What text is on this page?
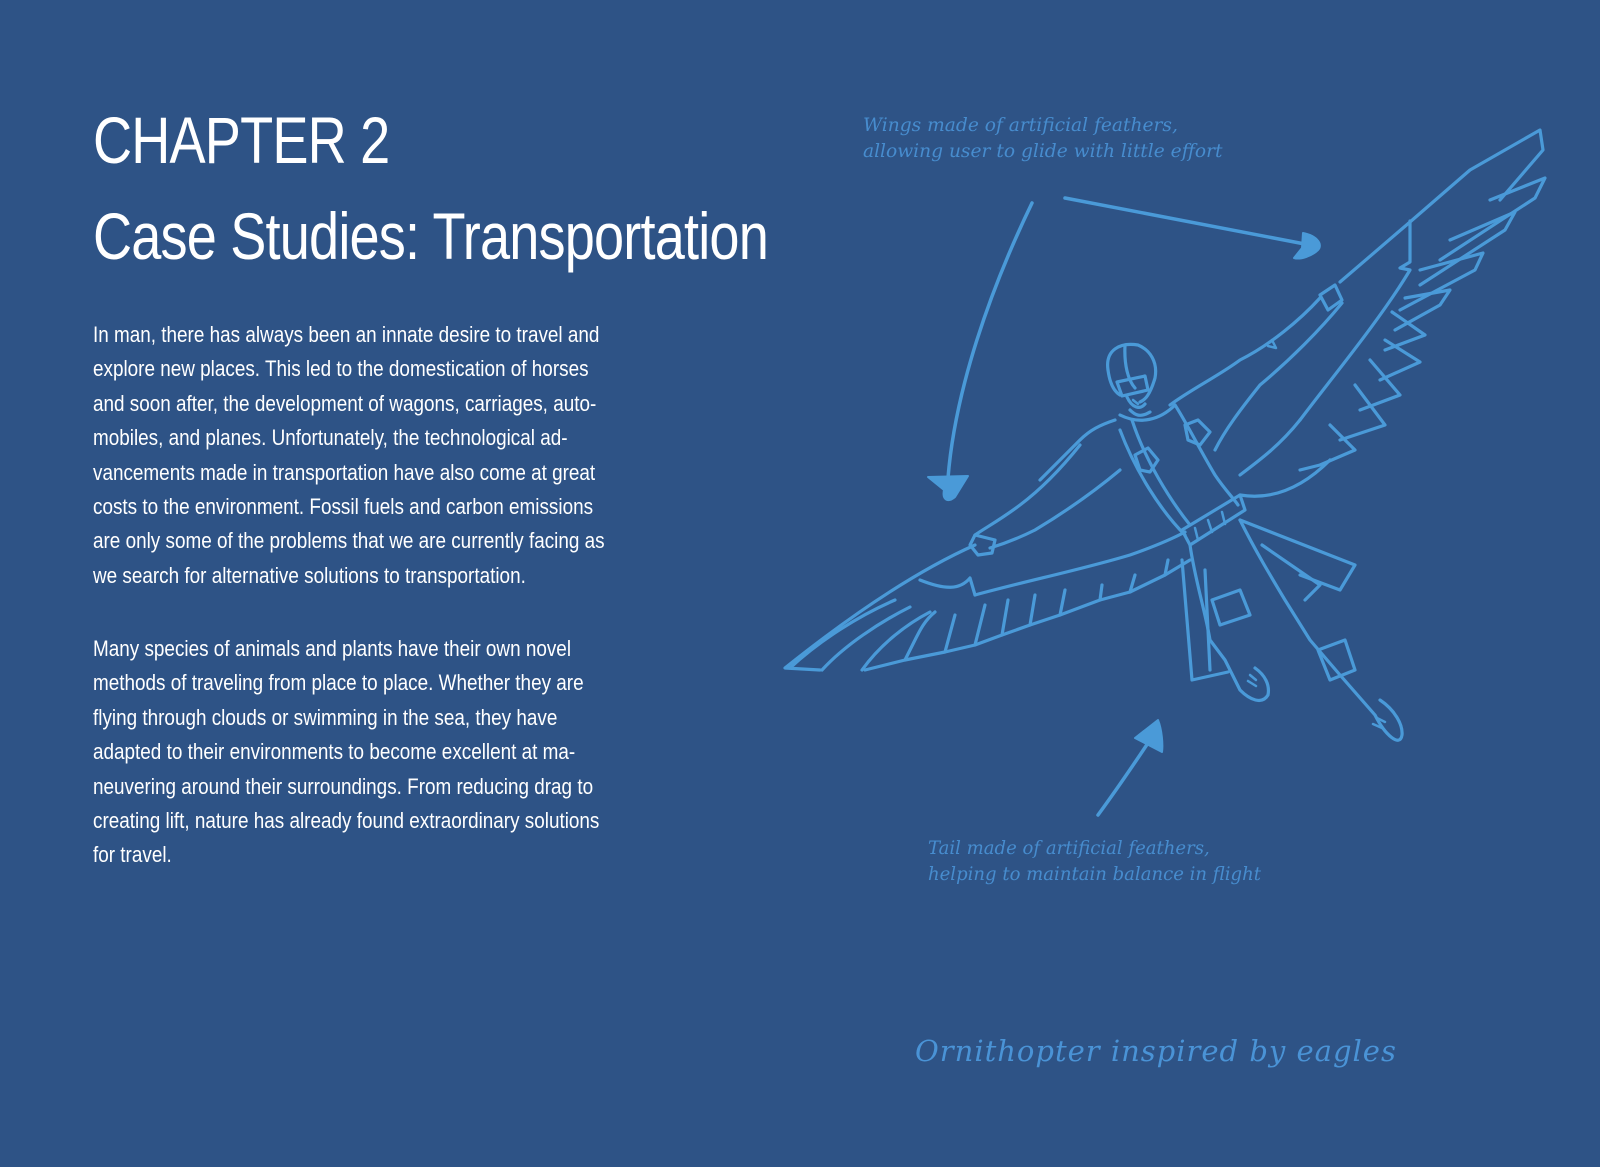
CHAPTER 2
Case Studies: Transportation
In man, there has always been an innate desire to travel and
explore new places. This led to the domestication of horses
and soon after, the development of wagons, carriages, auto-
mobiles, and planes. Unfortunately, the technological ad-
vancements made in transportation have also come at great
costs to the environment. Fossil fuels and carbon emissions
are only some of the problems that we are currently facing as
we search for alternative solutions to transportation.
Many species of animals and plants have their own novel
methods of traveling from place to place. Whether they are
flying through clouds or swimming in the sea, they have
adapted to their environments to become excellent at ma-
neuvering around their surroundings. From reducing drag to
creating lift, nature has already found extraordinary solutions
for travel.
Wings made of artificial feathers,
allowing user to glide with little effort
Tail made of artificial feathers,
helping to maintain balance in flight
Ornithopter inspired by eagles
